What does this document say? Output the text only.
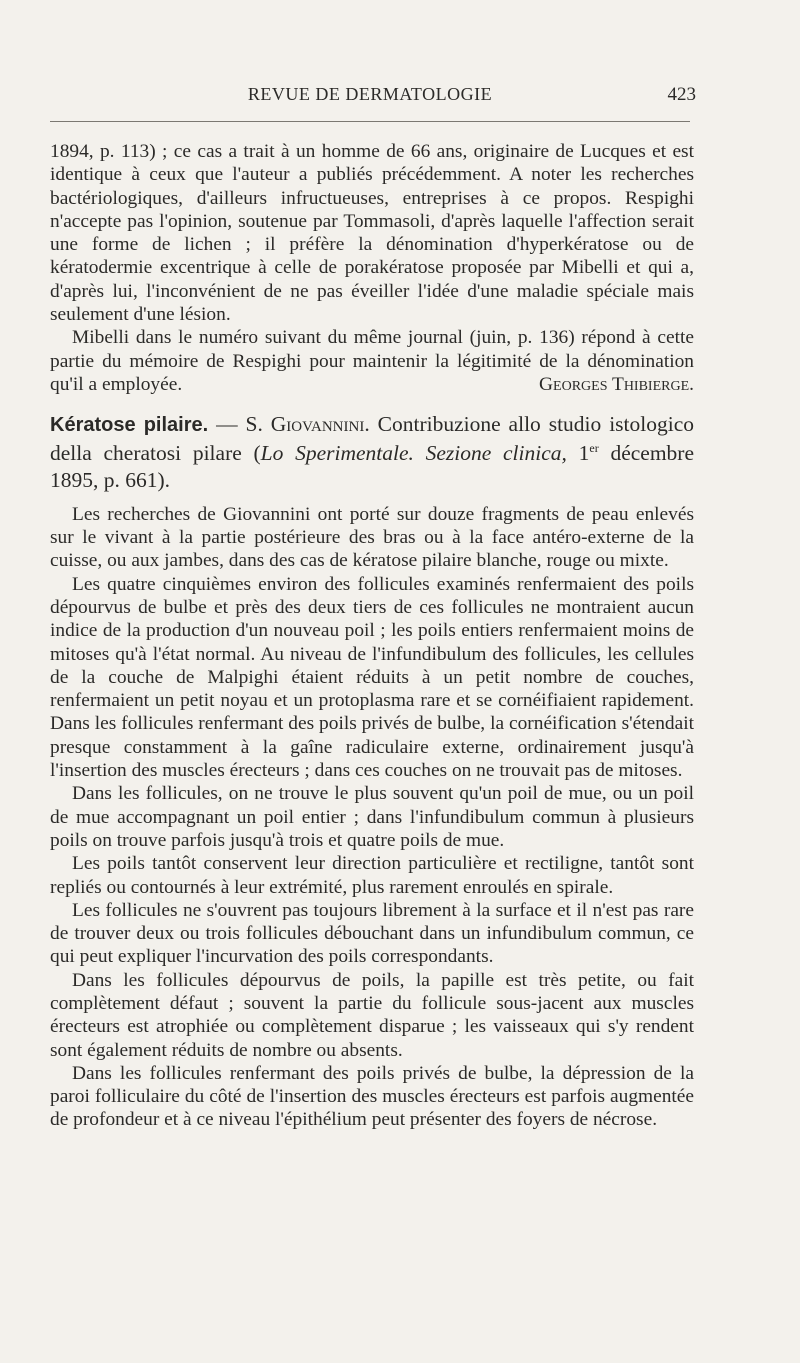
REVUE DE DERMATOLOGIE	423

1894, p. 113) ; ce cas a trait à un homme de 66 ans, originaire de Lucques et est identique à ceux que l'auteur a publiés précédemment. A noter les recherches bactériologiques, d'ailleurs infructueuses, entreprises à ce propos. Respighi n'accepte pas l'opinion, soutenue par Tommasoli, d'après laquelle l'affection serait une forme de lichen ; il préfère la dénomination d'hyperkératose ou de kératodermie excentrique à celle de porakératose proposée par Mibelli et qui a, d'après lui, l'inconvénient de ne pas éveiller l'idée d'une maladie spéciale mais seulement d'une lésion.

Mibelli dans le numéro suivant du même journal (juin, p. 136) répond à cette partie du mémoire de Respighi pour maintenir la légitimité de la dénomination qu'il a employée.	Georges Thibierge.

Kératose pilaire. — S. Giovannini. Contribuzione allo studio istologico della cheratosi pilare (Lo Sperimentale. Sezione clinica, 1er décembre 1895, p. 661).

Les recherches de Giovannini ont porté sur douze fragments de peau enlevés sur le vivant à la partie postérieure des bras ou à la face antéro-externe de la cuisse, ou aux jambes, dans des cas de kératose pilaire blanche, rouge ou mixte.

Les quatre cinquièmes environ des follicules examinés renfermaient des poils dépourvus de bulbe et près des deux tiers de ces follicules ne montraient aucun indice de la production d'un nouveau poil ; les poils entiers renfermaient moins de mitoses qu'à l'état normal. Au niveau de l'infundibulum des follicules, les cellules de la couche de Malpighi étaient réduits à un petit nombre de couches, renfermaient un petit noyau et un protoplasma rare et se cornéifiaient rapidement. Dans les follicules renfermant des poils privés de bulbe, la cornéification s'étendait presque constamment à la gaîne radiculaire externe, ordinairement jusqu'à l'insertion des muscles érecteurs ; dans ces couches on ne trouvait pas de mitoses.

Dans les follicules, on ne trouve le plus souvent qu'un poil de mue, ou un poil de mue accompagnant un poil entier ; dans l'infundibulum commun à plusieurs poils on trouve parfois jusqu'à trois et quatre poils de mue.

Les poils tantôt conservent leur direction particulière et rectiligne, tantôt sont repliés ou contournés à leur extrémité, plus rarement enroulés en spirale.

Les follicules ne s'ouvrent pas toujours librement à la surface et il n'est pas rare de trouver deux ou trois follicules débouchant dans un infundibulum commun, ce qui peut expliquer l'incurvation des poils correspondants.

Dans les follicules dépourvus de poils, la papille est très petite, ou fait complètement défaut ; souvent la partie du follicule sous-jacent aux muscles érecteurs est atrophiée ou complètement disparue ; les vaisseaux qui s'y rendent sont également réduits de nombre ou absents.

Dans les follicules renfermant des poils privés de bulbe, la dépression de la paroi folliculaire du côté de l'insertion des muscles érecteurs est parfois augmentée de profondeur et à ce niveau l'épithélium peut présenter des foyers de nécrose.
